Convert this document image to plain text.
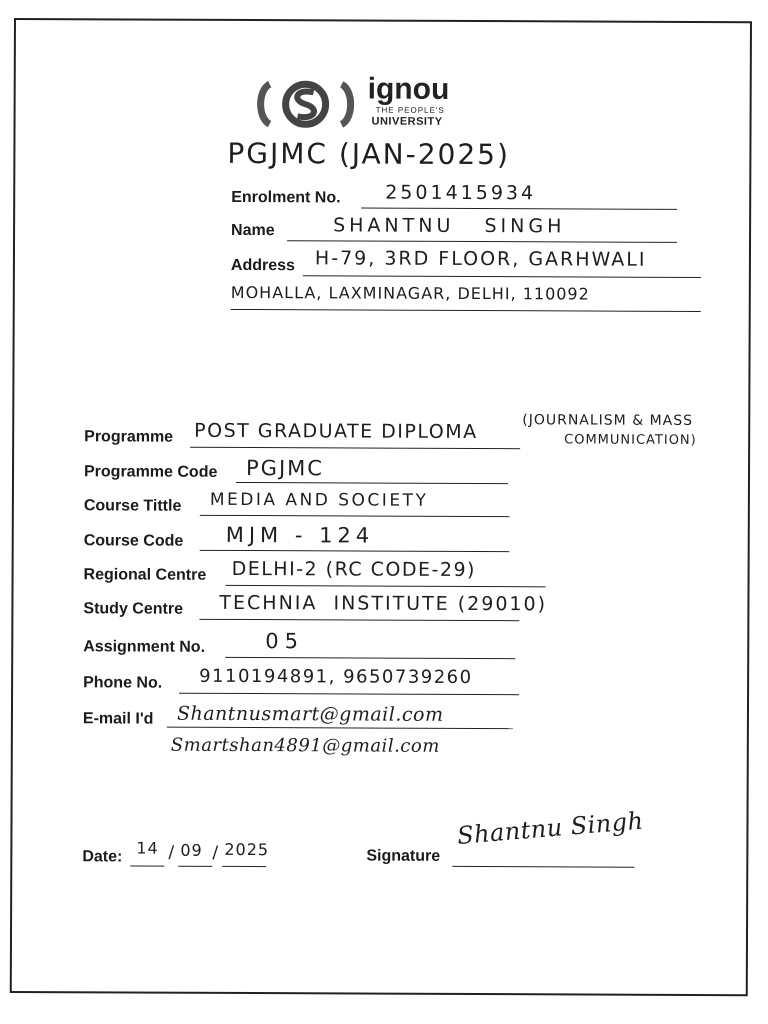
ignou
THE PEOPLE'S
UNIVERSITY
PGJMC (JAN-2025)
Enrolment No. 2501415934
Name	SHANTNU   SINGH
Address H-79, 3RD FLOOR, GARHWALI
MOHALLA, LAXMINAGAR, DELHI, 110092
Programme POST GRADUATE DIPLOMA	(JOURNALISM & MASS
COMMUNICATION)
Programme Code PGJMC
Course Tittle MEDIA AND SOCIETY
Course Code MJM - 124
Regional Centre DELHI-2 (RC CODE-29)
Study Centre TECHNIA  INSTITUTE (29010)
Assignment No.	05
Phone No. 9110194891, 9650739260
E-mail I'd Shantnusmart@gmail.com
Smartshan4891@gmail.com
Date: 14 / 09 / 2025	Signature
Shantnu Singh
